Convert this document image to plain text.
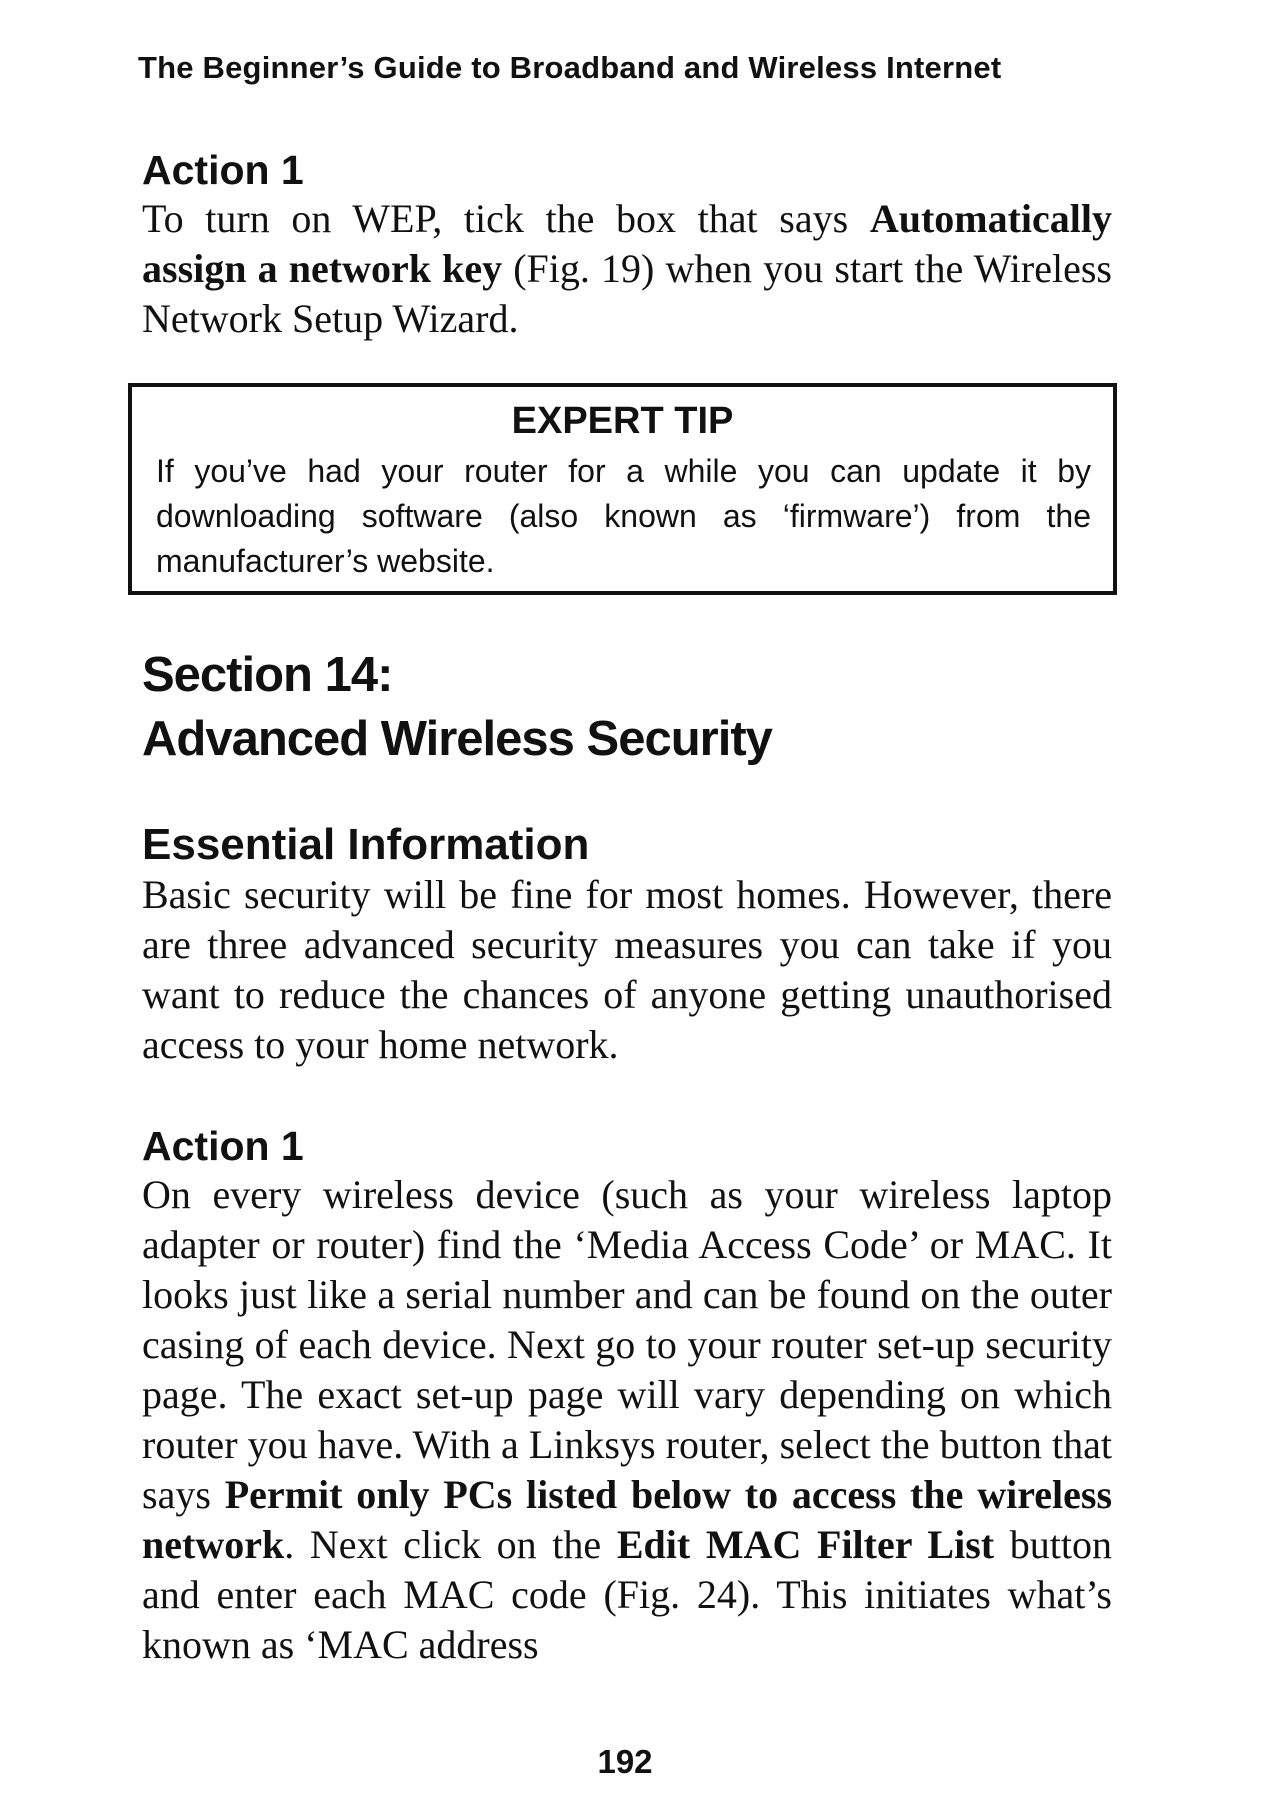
The Beginner’s Guide to Broadband and Wireless Internet
Action 1

To turn on WEP, tick the box that says Automatically assign a network key (Fig. 19) when you start the Wireless Network Setup Wizard.

EXPERT TIP
If you’ve had your router for a while you can update it by downloading software (also known as ‘firmware’) from the manufacturer’s website.
Section 14:
Advanced Wireless Security
Essential Information

Basic security will be fine for most homes. However, there are three advanced security measures you can take if you want to reduce the chances of anyone getting unauthorised access to your home network.

Action 1

On every wireless device (such as your wireless laptop adapter or router) find the ‘Media Access Code’ or MAC. It looks just like a serial number and can be found on the outer casing of each device. Next go to your router set-up security page. The exact set-up page will vary depending on which router you have. With a Linksys router, select the button that says Permit only PCs listed below to access the wireless network. Next click on the Edit MAC Filter List button and enter each MAC code (Fig. 24). This initiates what’s known as ‘MAC address

192
